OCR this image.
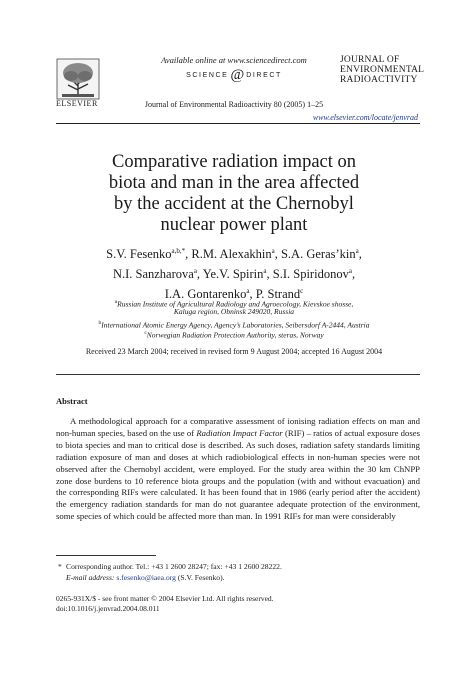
ELSEVIER
Available online at www.sciencedirect.com
SCIENCE @ DIRECT
Journal of Environmental Radioactivity 80 (2005) 1–25
JOURNAL OF
ENVIRONMENTAL
RADIOACTIVITY
www.elsevier.com/locate/jenvrad
Comparative radiation impact on
biota and man in the area affected
by the accident at the Chernobyl
nuclear power plant
S.V. Fesenko$^{a,b,*}$, R.M. Alexakhin$^a$, S.A. Geras’kin$^a$,
N.I. Sanzharova$^a$, Ye.V. Spirin$^a$, S.I. Spiridonov$^a$,
I.A. Gontarenko$^a$, P. Strand$^c$
$^a$Russian Institute of Agricultural Radiology and Agroecology, Kievskoe shosse,
Kaluga region, Obninsk 249020, Russia
$^b$International Atomic Energy Agency, Agency’s Laboratories, Seibersdorf A-2444, Austria
$^c$Norwegian Radiation Protection Authority, steras, Norway
Received 23 March 2004; received in revised form 9 August 2004; accepted 16 August 2004
Abstract
A methodological approach for a comparative assessment of ionising radiation effects on man and non-human species, based on the use of Radiation Impact Factor (RIF) – ratios of actual exposure doses to biota species and man to critical dose is described. As such doses, radiation safety standards limiting radiation exposure of man and doses at which radiobiological effects in non-human species were not observed after the Chernobyl accident, were employed. For the study area within the 30 km ChNPP zone dose burdens to 10 reference biota groups and the population (with and without evacuation) and the corresponding RIFs were calculated. It has been found that in 1986 (early period after the accident) the emergency radiation standards for man do not guarantee adequate protection of the environment, some species of which could be affected more than man. In 1991 RIFs for man were considerably
* Corresponding author. Tel.: +43 1 2600 28247; fax: +43 1 2600 28222.
E-mail address: s.fesenko@iaea.org (S.V. Fesenko).
0265-931X/$ - see front matter © 2004 Elsevier Ltd. All rights reserved.
doi:10.1016/j.jenvrad.2004.08.011
